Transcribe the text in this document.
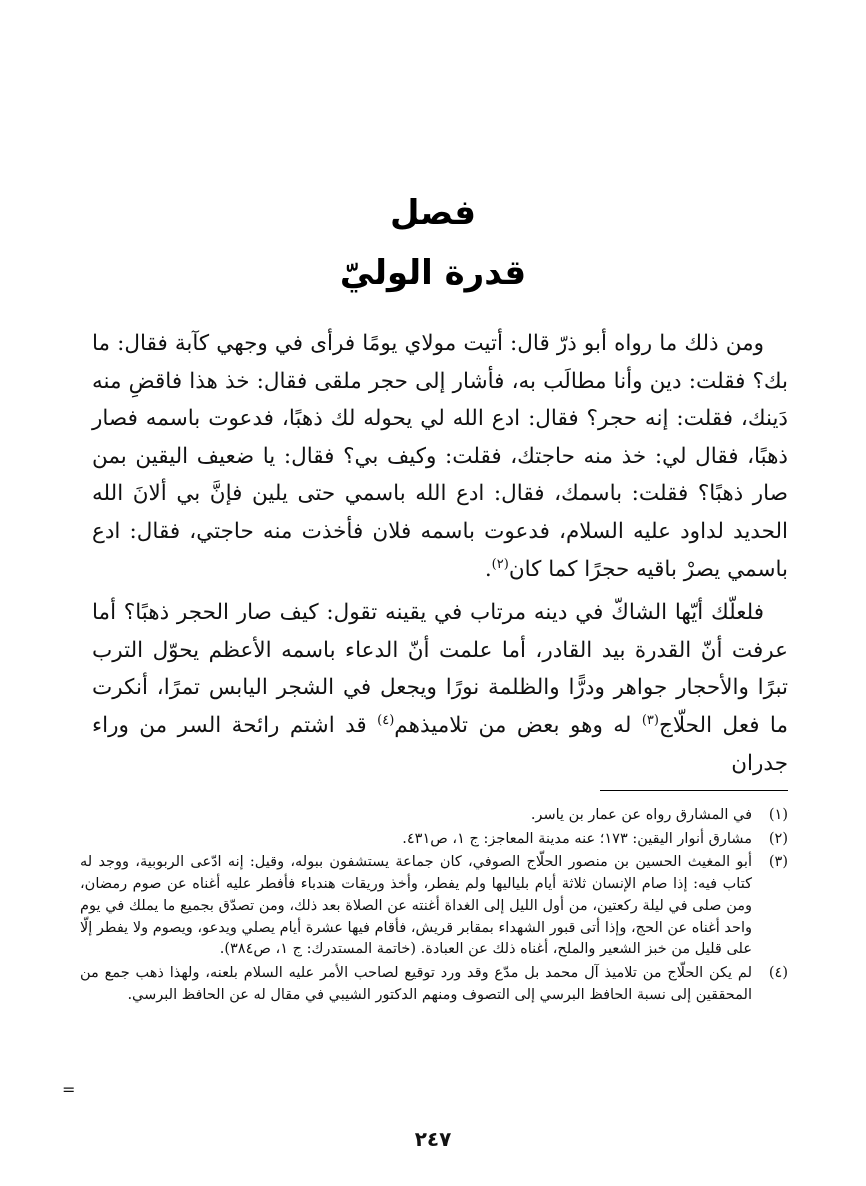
فصل
قدرة الوليّ

ومن ذلك ما رواه أبو ذرّ قال: أتيت مولاي يومًا فرأى في وجهي كآبة فقال: ما بك؟ فقلت: دين وأنا مطالَب به، فأشار إلى حجر ملقى فقال: خذ هذا فاقضِ منه دَينك، فقلت: إنه حجر؟ فقال: ادع الله لي يحوله لك ذهبًا، فدعوت باسمه فصار ذهبًا، فقال لي: خذ منه حاجتك، فقلت: وكيف بي؟ فقال: يا ضعيف اليقين بمن صار ذهبًا؟ فقلت: باسمك، فقال: ادع الله باسمي حتى يلين فإنَّ بي ألانَ الله الحديد لداود عليه السلام، فدعوت باسمه فلان فأخذت منه حاجتي، فقال: ادع باسمي يصرْ باقيه حجرًا كما كان$^{(٢)}$.

فلعلّك أيّها الشاكّ في دينه مرتاب في يقينه تقول: كيف صار الحجر ذهبًا؟ أما عرفت أنّ القدرة بيد القادر، أما علمت أنّ الدعاء باسمه الأعظم يحوّل الترب تبرًا والأحجار جواهر ودرًّا والظلمة نورًا ويجعل في الشجر اليابس تمرًا، أنكرت ما فعل الحلّاج$^{(٣)}$ له وهو بعض من تلاميذهم$^{(٤)}$ قد اشتم رائحة السر من وراء جدران

(١)
في المشارق رواه عن عمار بن ياسر.
(٢)
مشارق أنوار اليقين: ١٧٣؛ عنه مدينة المعاجز: ج ١، ص٤٣١.
(٣)
أبو المغيث الحسين بن منصور الحلّاج الصوفي، كان جماعة يستشفون ببوله، وقيل: إنه ادّعى الربوبية، ووجد له كتاب فيه: إذا صام الإنسان ثلاثة أيام بلياليها ولم يفطر، وأخذ وريقات هندباء فأفطر عليه أغناه عن صوم رمضان، ومن صلى في ليلة ركعتين، من أول الليل إلى الغداة أغنته عن الصلاة بعد ذلك، ومن تصدّق بجميع ما يملك في يوم واحد أغناه عن الحج، وإذا أتى قبور الشهداء بمقابر قريش، فأقام فيها عشرة أيام يصلي ويدعو، ويصوم ولا يفطر إلّا على قليل من خبز الشعير والملح، أغناه ذلك عن العبادة. (خاتمة المستدرك: ج ١، ص٣٨٤).
(٤)
لم يكن الحلّاج من تلاميذ آل محمد بل مدّع وقد ورد توقيع لصاحب الأمر عليه السلام بلعنه، ولهذا ذهب جمع من المحققين إلى نسبة الحافظ البرسي إلى التصوف ومنهم الدكتور الشيبي في مقال له عن الحافظ البرسي.
=
٢٤٧
